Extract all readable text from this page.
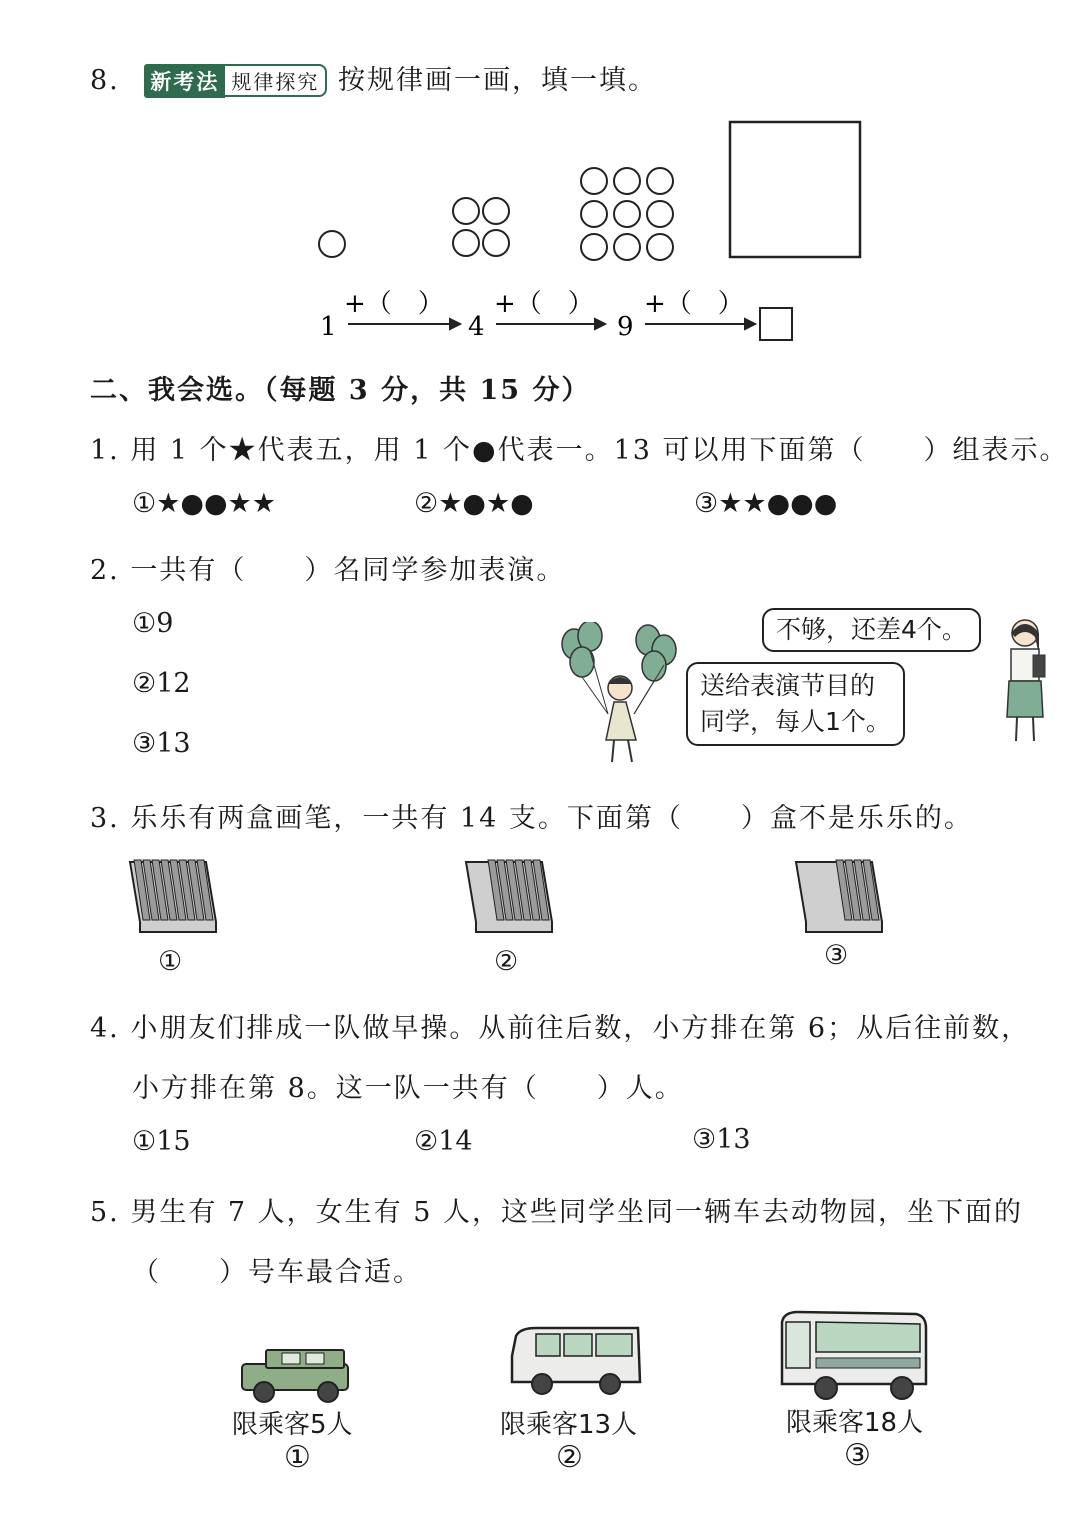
8. 新考法 规律探究 按规律画一画，填一填。
1	4	9
+（　） +（　） +（　）
二、我会选。（每题 3 分，共 15 分）
1. 用 1 个★代表五，用 1 个●代表一。13 可以用下面第（　　）组表示。
①★●●★★	②★●★●	③★★●●●
2. 一共有（　　）名同学参加表演。
①9
②12
③13
送给表演节目的
同学，每人1个。
不够，还差4个。
3. 乐乐有两盒画笔，一共有 14 支。下面第（　　）盒不是乐乐的。
①	②	③
4. 小朋友们排成一队做早操。从前往后数，小方排在第 6；从后往前数，
小方排在第 8。这一队一共有（　　）人。
①15	②14	③13
5. 男生有 7 人，女生有 5 人，这些同学坐同一辆车去动物园，坐下面的
（　　）号车最合适。
限乘客5人	限乘客13人	限乘客18人
①	②	③
